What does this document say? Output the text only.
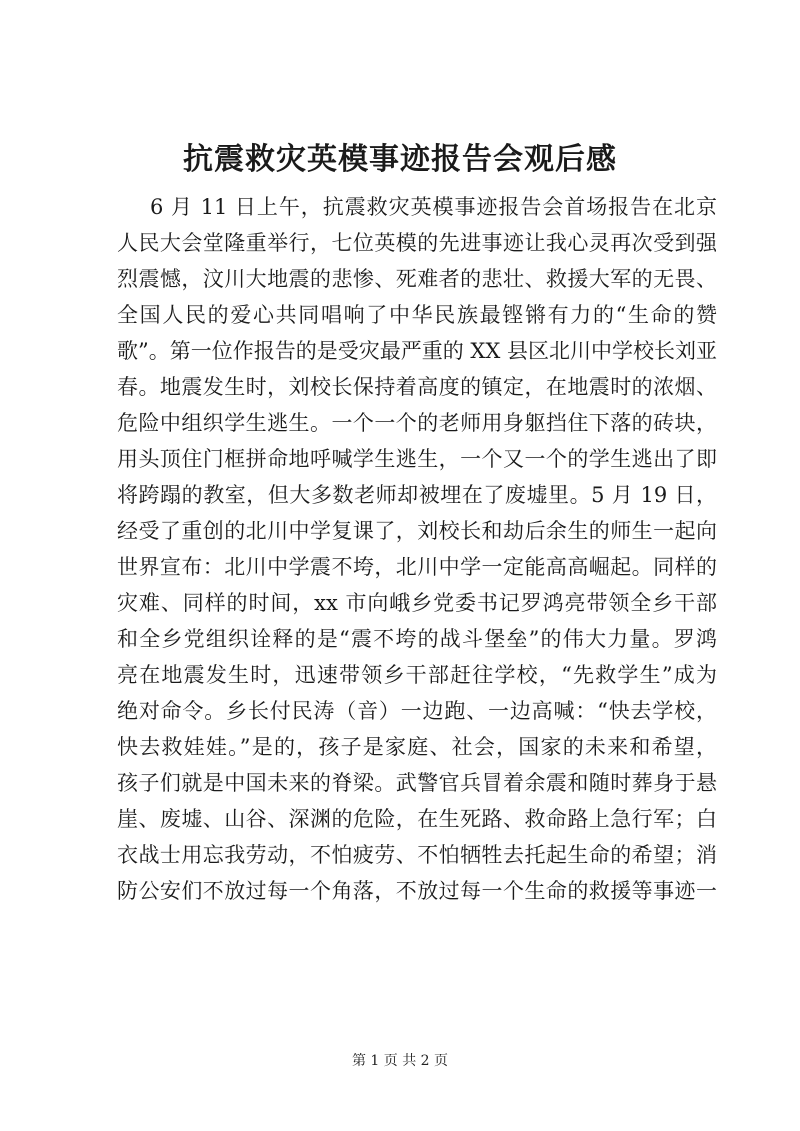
抗震救灾英模事迹报告会观后感
6 月 11 日上午，抗震救灾英模事迹报告会首场报告在北京
人民大会堂隆重举行，七位英模的先进事迹让我心灵再次受到强
烈震憾，汶川大地震的悲惨、死难者的悲壮、救援大军的无畏、
全国人民的爱心共同唱响了中华民族最铿锵有力的“生命的赞
歌”。第一位作报告的是受灾最严重的 XX 县区北川中学校长刘亚
春。地震发生时，刘校长保持着高度的镇定，在地震时的浓烟、
危险中组织学生逃生。一个一个的老师用身躯挡住下落的砖块，
用头顶住门框拼命地呼喊学生逃生，一个又一个的学生逃出了即
将跨蹋的教室，但大多数老师却被埋在了废墟里。5 月 19 日，
经受了重创的北川中学复课了，刘校长和劫后余生的师生一起向
世界宣布：北川中学震不垮，北川中学一定能高高崛起。同样的
灾难、同样的时间，xx 市向峨乡党委书记罗鸿亮带领全乡干部
和全乡党组织诠释的是“震不垮的战斗堡垒”的伟大力量。罗鸿
亮在地震发生时，迅速带领乡干部赶往学校，“先救学生”成为
绝对命令。乡长付民涛（音）一边跑、一边高喊：“快去学校，
快去救娃娃。”是的，孩子是家庭、社会，国家的未来和希望，
孩子们就是中国未来的脊梁。武警官兵冒着余震和随时葬身于悬
崖、废墟、山谷、深渊的危险，在生死路、救命路上急行军；白
衣战士用忘我劳动，不怕疲劳、不怕牺牲去托起生命的希望；消
防公安们不放过每一个角落，不放过每一个生命的救援等事迹一
第 1 页 共 2 页
